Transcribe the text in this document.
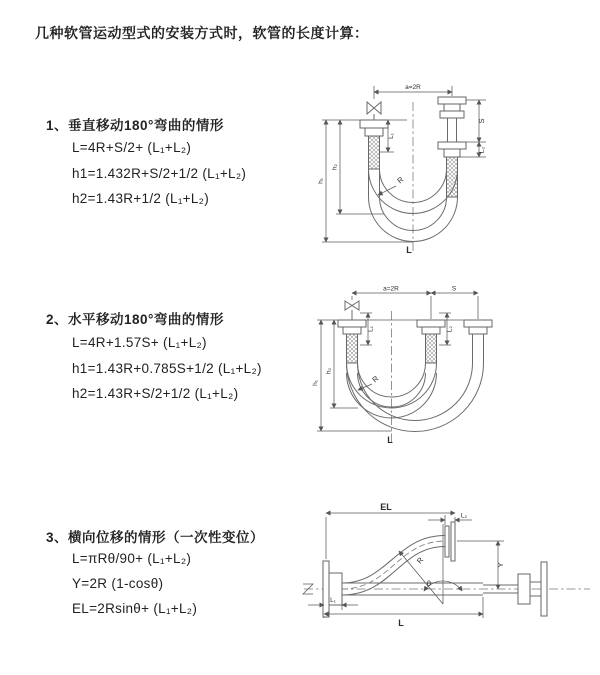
几种软管运动型式的安装方式时，软管的长度计算：
1、垂直移动180°弯曲的情形
L=4R+S/2+ (L₁+L₂)
h1=1.432R+S/2+1/2 (L₁+L₂)
h2=1.43R+1/2 (L₁+L₂)
2、水平移动180°弯曲的情形
L=4R+1.57S+ (L₁+L₂)
h1=1.43R+0.785S+1/2 (L₁+L₂)
h2=1.43R+S/2+1/2 (L₁+L₂)
3、横向位移的情形（一次性变位）
L=πRθ/90+ (L₁+L₂)
Y=2R (1-cosθ)
EL=2Rsinθ+ (L₁+L₂)
a=2R
L₁
S
L₂
h₁
h₂
R
L
a=2R	S
L₁	L₂
h₁
h₂
R
L
EL
L₂
Y
θ
R
L₁
L
